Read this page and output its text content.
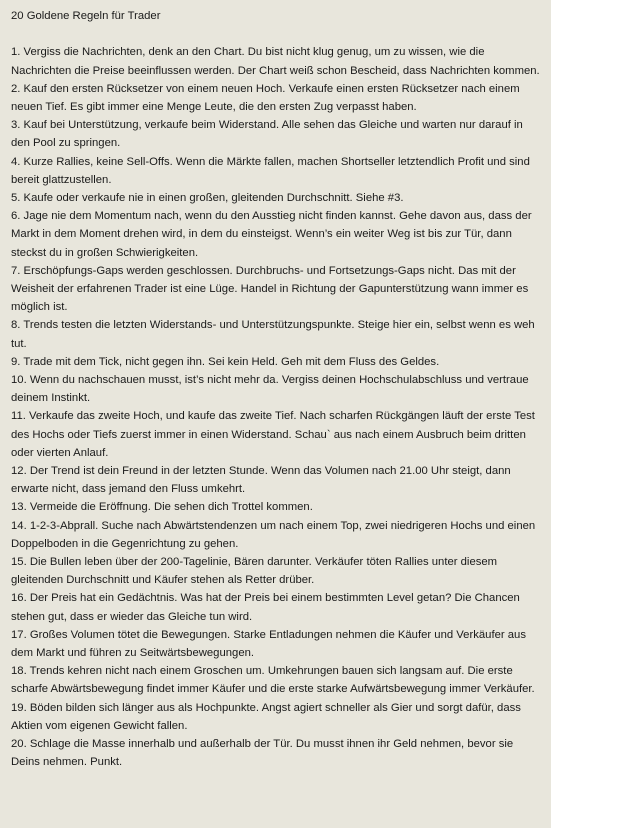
20 Goldene Regeln für Trader

1. Vergiss die Nachrichten, denk an den Chart. Du bist nicht klug genug, um zu wissen, wie die Nachrichten die Preise beeinflussen werden. Der Chart weiß schon Bescheid, dass Nachrichten kommen.

2. Kauf den ersten Rücksetzer von einem neuen Hoch. Verkaufe einen ersten Rücksetzer nach einem neuen Tief. Es gibt immer eine Menge Leute, die den ersten Zug verpasst haben.

3. Kauf bei Unterstützung, verkaufe beim Widerstand. Alle sehen das Gleiche und warten nur darauf in den Pool zu springen.

4. Kurze Rallies, keine Sell-Offs. Wenn die Märkte fallen, machen Shortseller letztendlich Profit und sind bereit glattzustellen.

5. Kaufe oder verkaufe nie in einen großen, gleitenden Durchschnitt. Siehe #3.

6. Jage nie dem Momentum nach, wenn du den Ausstieg nicht finden kannst. Gehe davon aus, dass der Markt in dem Moment drehen wird, in dem du einsteigst. Wenn’s ein weiter Weg ist bis zur Tür, dann steckst du in großen Schwierigkeiten.

7. Erschöpfungs-Gaps werden geschlossen. Durchbruchs- und Fortsetzungs-Gaps nicht. Das mit der Weisheit der erfahrenen Trader ist eine Lüge. Handel in Richtung der Gapunterstützung wann immer es möglich ist.

8. Trends testen die letzten Widerstands- und Unterstützungspunkte. Steige hier ein, selbst wenn es weh tut.

9. Trade mit dem Tick, nicht gegen ihn. Sei kein Held. Geh mit dem Fluss des Geldes.

10. Wenn du nachschauen musst, ist’s nicht mehr da. Vergiss deinen Hochschulabschluss und vertraue deinem Instinkt.

11. Verkaufe das zweite Hoch, und kaufe das zweite Tief. Nach scharfen Rückgängen läuft der erste Test des Hochs oder Tiefs zuerst immer in einen Widerstand. Schau` aus nach einem Ausbruch beim dritten oder vierten Anlauf.

12. Der Trend ist dein Freund in der letzten Stunde. Wenn das Volumen nach 21.00 Uhr steigt, dann erwarte nicht, dass jemand den Fluss umkehrt.

13. Vermeide die Eröffnung. Die sehen dich Trottel kommen.

14. 1-2-3-Abprall. Suche nach Abwärtstendenzen um nach einem Top, zwei niedrigeren Hochs und einen Doppelboden in die Gegenrichtung zu gehen.

15. Die Bullen leben über der 200-Tagelinie, Bären darunter. Verkäufer töten Rallies unter diesem gleitenden Durchschnitt und Käufer stehen als Retter drüber.

16. Der Preis hat ein Gedächtnis. Was hat der Preis bei einem bestimmten Level getan? Die Chancen stehen gut, dass er wieder das Gleiche tun wird.

17. Großes Volumen tötet die Bewegungen. Starke Entladungen nehmen die Käufer und Verkäufer aus dem Markt und führen zu Seitwärtsbewegungen.

18. Trends kehren nicht nach einem Groschen um. Umkehrungen bauen sich langsam auf. Die erste scharfe Abwärtsbewegung findet immer Käufer und die erste starke Aufwärtsbewegung immer Verkäufer.

19. Böden bilden sich länger aus als Hochpunkte. Angst agiert schneller als Gier und sorgt dafür, dass Aktien vom eigenen Gewicht fallen.

20. Schlage die Masse innerhalb und außerhalb der Tür. Du musst ihnen ihr Geld nehmen, bevor sie Deins nehmen. Punkt.
